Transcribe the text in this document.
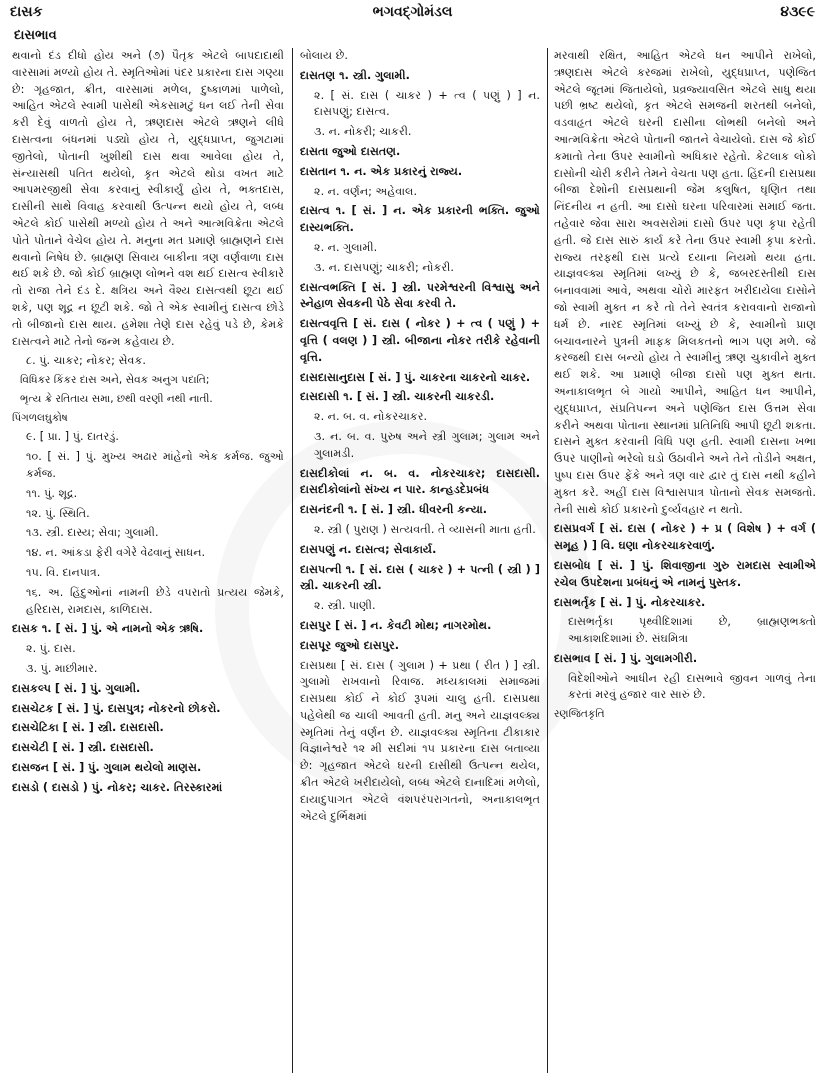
ભગવદ્ગોમંડલ
દાસક	૪૩૯૯
દાસભાવ

થવાનો દંડ દીધો હોય અને (૭) પૈતૃક એટલે બાપદાદાથી વારસામાં મળ્યો હોય તે. સ્મૃતિઓમાં પંદર પ્રકારના દાસ ગણ્યા છે: ગૃહજાત, ક્રીત, વારસામાં મળેલ, દુષ્કાળમાં પાળેલો, આહિત એટલે સ્વામી પાસેથી એકસામટું ધન લઈ તેની સેવા કરી દેવું વાળતો હોય તે, ઋણદાસ એટલે ઋણને લીધે દાસત્વના બંધનમાં પડ્યો હોય તે, યુદ્ધપ્રાપ્ત, જુગટામાં જીતેલો, પોતાની ખુશીથી દાસ થવા આવેલા હોય તે, સંન્યાસથી પતિત થયેલો, કૃત એટલે થોડા વખત માટે આપમરજીથી સેવા કરવાનું સ્વીકાર્યું હોય તે, ભક્તદાસ, દાસીની સાથે વિવાહ કરવાથી ઉત્પન્ન થયો હોય તે, લબ્ધ એટલે કોઈ પાસેથી મળ્યો હોય તે અને આત્મવિક્રેતા એટલે પોતે પોતાને વેચેલ હોય તે. મનુના મત પ્રમાણે બ્રાહ્મણને દાસ થવાનો નિષેધ છે. બ્રાહ્મણ સિવાય બાકીના ત્રણ વર્ણવાળા દાસ થઈ શકે છે. જો કોઈ બ્રાહ્મણ લોભને વશ થઈ દાસત્વ સ્વીકારે તો રાજા તેને દંડ દે. ક્ષત્રિય અને વૈશ્ય દાસત્વથી છૂટા થઈ શકે, પણ શૂદ્ર ન છૂટી શકે. જો તે એક સ્વામીનું દાસત્વ છોડે તો બીજાનો દાસ થાય. હમેશા તેણે દાસ રહેવું પડે છે, કેમકે દાસત્વને માટે તેનો જન્મ કહેવાય છે.

૮. પું. ચાકર; નોકર; સેવક.

વિધિકર કિંકર દાસ અને, સેવક અનુગ પદાતિ;

ભૃત્ય ક્રે રતિતાય સમા, છથી વરણી નથી નાતી.

પિંગળલઘુકોષ

૯. [ પ્રા. ] પું. દાતરડું.

૧૦. [ સં. ] પું. મુખ્ય અઢાર માંહેનો એક કર્મજ. જુઓ કર્મજ.

૧૧. પું. શૂદ્ર.

૧૨. પું. સ્થિતિ.

૧૩. સ્ત્રી. દાસ્ય; સેવા; ગુલામી.

૧૪. ન. આંકડા ફેરી વગેરે વેઢવાનું સાધન.

૧૫. વિ. દાનપાત્ર.

૧૬. અ. હિંદુઓનાં નામની છેડે વપરાતો પ્રત્યય જેમકે, હરિદાસ, રામદાસ, કાળિદાસ.

દાસક ૧. [ સં. ] પું. એ નામનો એક ઋષિ.

૨. પું. દાસ.

૩. પું. માછીમાર.

દાસકલ્પ [ સં. ] પું. ગુલામી.

દાસચેટક [ સં. ] પું. દાસપુત્ર; નોકરનો છોકરો.

દાસચેટિકા [ સં. ] સ્ત્રી. દાસદાસી.

દાસચેટી [ સં. ] સ્ત્રી. દાસદાસી.

દાસજન [ સં. ] પું. ગુલામ થયેલો માણસ.

દાસડો ( દાસડો ) પું. નોકર; ચાકર. તિરસ્કારમાં

બોલાય છે.

દાસતણ ૧. સ્ત્રી. ગુલામી.

૨. [ સં. દાસ ( ચાકર ) + ત્વ ( પણું ) ] ન. દાસપણું; દાસત્વ.

૩. ન. નોકરી; ચાકરી.

દાસતા જુઓ દાસતણ.

દાસતાન ૧. ન. એક પ્રકારનું રાજ્ય.

૨. ન. વર્ણન; અહેવાલ.

દાસત્વ ૧. [ સં. ] ન. એક પ્રકારની ભક્તિ. જુઓ દાસ્યભક્તિ.

૨. ન. ગુલામી.

૩. ન. દાસપણું; ચાકરી; નોકરી.

દાસત્વભક્તિ [ સં. ] સ્ત્રી. પરમેશ્વરની વિશ્વાસુ અને સ્નેહાળ સેવકની પેઠે સેવા કરવી તે.

દાસત્વવૃત્તિ [ સં. દાસ ( નોકર ) + ત્વ ( પણું ) + વૃત્તિ ( વલણ ) ] સ્ત્રી. બીજાના નોકર તરીકે રહેવાની વૃત્તિ.

દાસદાસાનુદાસ [ સં. ] પું. ચાકરના ચાકરનો ચાકર.

દાસદાસી ૧. [ સં. ] સ્ત્રી. ચાકરની ચાકરડી.

૨. ન. બ. વ. નોકરચાકર.

૩. ન. બ. વ. પુરુષ અને સ્ત્રી ગુલામ; ગુલામ અને ગુલામડી.

દાસદીકોલાં ન. બ. વ. નોકરચાકર; દાસદાસી. દાસદીકોલાંનો સંખ્ય ન પાર. કાન્હડદેપ્રબંધ

દાસનંદની ૧. [ સં. ] સ્ત્રી. ધીવરની કન્યા.

૨. સ્ત્રી ( પુરાણ ) સત્યવતી. તે વ્યાસની માતા હતી.

દાસપણું ન. દાસત્વ; સેવાકાર્ય.

દાસપત્ની ૧. [ સં. દાસ ( ચાકર ) + પત્ની ( સ્ત્રી ) ] સ્ત્રી. ચાકરની સ્ત્રી.

૨. સ્ત્રી. પાણી.

દાસપુર [ સં. ] ન. કેવટી મોથ; નાગરમોથ.

દાસપૂર જુઓ દાસપુર.

દાસપ્રથા [ સં. દાસ ( ગુલામ ) + પ્રથા ( રીત ) ] સ્ત્રી. ગુલામો રાખવાનો રિવાજ. મધ્યકાલમાં સમાજમાં દાસપ્રથા કોઈ ને કોઈ રૂપમાં ચાલુ હતી. દાસપ્રથા પહેલેથી જ ચાલી આવતી હતી. મનુ અને યાજ્ઞવલ્ક્ય સ્મૃતિમાં તેનું વર્ણન છે. યાજ્ઞવલ્ક્ય સ્મૃતિના ટીકાકાર વિજ્ઞાનેશ્વરે ૧૨ મી સદીમાં ૧૫ પ્રકારના દાસ બતાવ્યા છે: ગૃહજાત એટલે ઘરની દાસીથી ઉત્પન્ન થયેલ, ક્રીત એટલે ખરીદાયેલો, લબ્ધ એટલે દાનાદિમાં મળેલો, દાયાદુપાગત એટલે વંશપરંપરાગતનો, અનાકાલભૃત એટલે દુર્ભિક્ષમાં

મરવાથી રક્ષિત, આહિત એટલે ધન આપીને રાખેલો, ઋણદાસ એટલે કરજમાં રાખેલો, યુદ્ધપ્રાપ્ત, પણેજિત એટલે જૂતમાં જિતાયેલો, પ્રવ્રજ્યાવસિત એટલે સાધુ થયા પછી ભ્રષ્ટ થયેલો, કૃત એટલે સમજની શરતથી બનેલો, વડવાહૃત એટલે ઘરની દાસીના લોભથી બનેલો અને આત્મવિક્રેતા એટલે પોતાની જાતને વેચાયેલો. દાસ જે કોઈ કમાતો તેના ઉપર સ્વામીનો અધિકાર રહેતો. કેટલાક લોકો દાસોની ચોરી કરીને તેમને વેચતા પણ હતા. હિંદની દાસપ્રથા બીજા દેશોની દાસપ્રથાની જેમ કલુષિત, ઘૃણિત તથા નિંદનીય ન હતી. આ દાસો ઘરના પરિવારમાં સમાઈ જતા. તહેવાર જેવા સારા અવસરોમાં દાસો ઉપર પણ કૃપા રહેતી હતી. જે દાસ સારું કાર્ય કરે તેના ઉપર સ્વામી કૃપા કરતો. રાજ્ય તરફથી દાસ પ્રત્યે દયાના નિયમો થયા હતા. યાજ્ઞવલ્ક્ય સ્મૃતિમાં લખ્યું છે કે, જબરદસ્તીથી દાસ બનાવવામાં આવે, અથવા ચોરો મારફત ખરીદાયેલા દાસોને જો સ્વામી મુક્ત ન કરે તો તેને સ્વતંત્ર કરાવવાનો રાજાનો ધર્મ છે. નારદ સ્મૃતિમાં લખ્યું છે કે, સ્વામીનો પ્રાણ બચાવનારને પુત્રની માફક મિલકતનો ભાગ પણ મળે. જે કરજથી દાસ બન્યો હોય તે સ્વામીનું ઋણ ચુકાવીને મુક્ત થઈ શકે. આ પ્રમાણે બીજા દાસો પણ મુક્ત થતા. અનાકાલભૃત બે ગાયો આપીને, આહિત ધન આપીને, યુદ્ધપ્રાપ્ત, સંપ્રતિપન્ન અને પણેજિત દાસ ઉત્તમ સેવા કરીને અથવા પોતાના સ્થાનમાં પ્રતિનિધિ આપી છૂટી શકતા. દાસને મુક્ત કરવાની વિધિ પણ હતી. સ્વામી દાસના ખભા ઉપર પાણીનો ભરેલો ઘડો ઉઠાવીને અને તેને તોડીને અક્ષત, પુષ્પ દાસ ઉપર ફેંકે અને ત્રણ વાર દ્વાર તું દાસ નથી કહીને મુક્ત કરે. અહીં દાસ વિશ્વાસપાત્ર પોતાનો સેવક સમજતો. તેની સાથે કોઈ પ્રકારનો દુર્વ્યવહાર ન થતો.

દાસપ્રવર્ગ [ સં. દાસ ( નોકર ) + પ્ર ( વિશેષ ) + વર્ગ ( સમૂહ ) ] વિ. ઘણા નોકરચાકરવાળું.

દાસબોધ [ સં. ] પું. શિવાજીના ગુરુ રામદાસ સ્વામીએ રચેલ ઉપદેશના પ્રબંધનું એ નામનું પુસ્તક.

દાસભર્તૃક [ સં. ] પું. નોકરચાકર.

દાસભર્તૃકા પૃથ્વીદિશામાં છે, બ્રાહ્મણભક્તો આકાશદિશામાં છે. સંઘમિત્રા

દાસભાવ [ સં. ] પું. ગુલામગીરી.

વિદેશીઓને આધીન રહી દાસભાવે જીવન ગાળવું તેના કરતાં મરવું હજાર વાર સારું છે.

રણજિતકૃતિ
